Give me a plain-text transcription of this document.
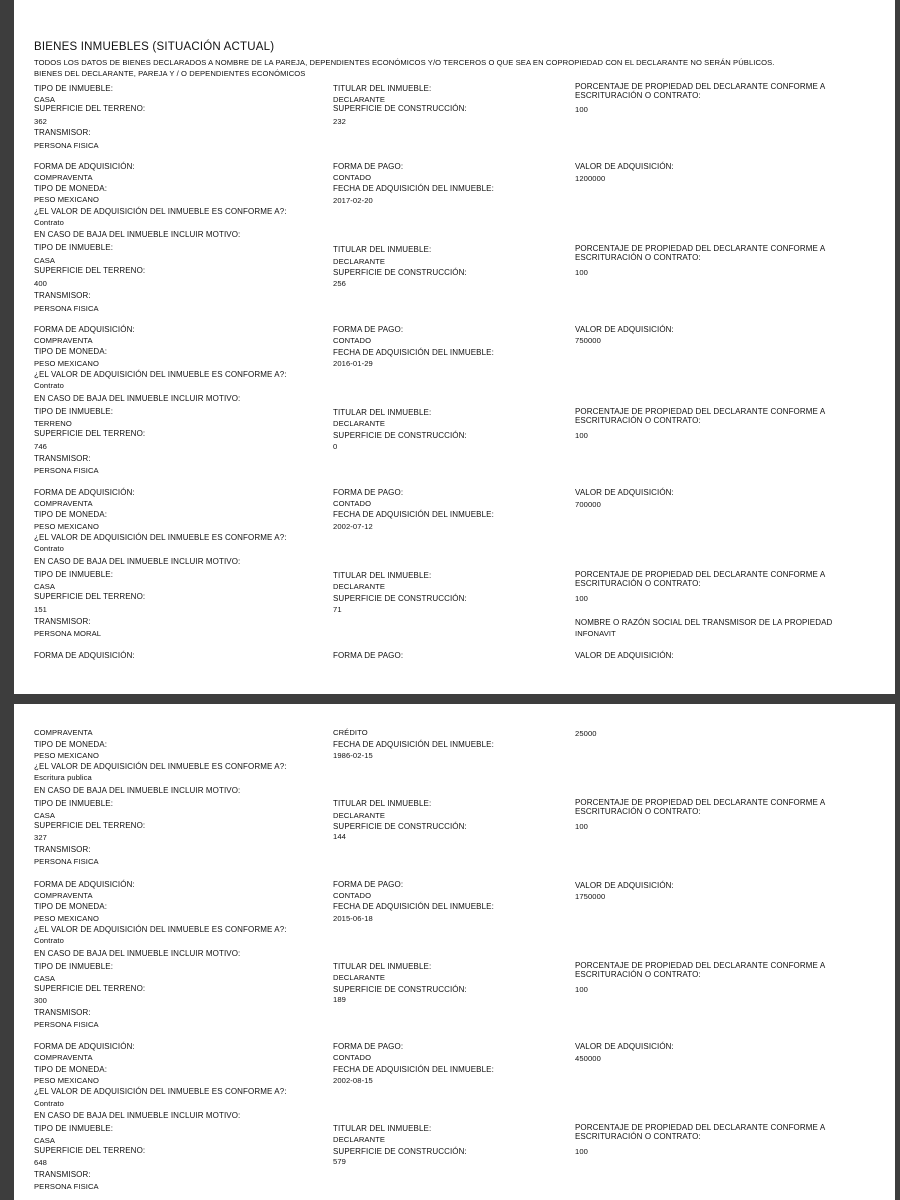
BIENES INMUEBLES (SITUACIÓN ACTUAL)
TODOS LOS DATOS DE BIENES DECLARADOS A NOMBRE DE LA PAREJA, DEPENDIENTES ECONÓMICOS Y/O TERCEROS O QUE SEA EN COPROPIEDAD CON EL DECLARANTE NO SERÁN PÚBLICOS.
BIENES DEL DECLARANTE, PAREJA Y / O DEPENDIENTES ECONÓMICOS
TIPO DE INMUEBLE:
CASA
SUPERFICIE DEL TERRENO:
362
TRANSMISOR:
PERSONA FISICA
TITULAR DEL INMUEBLE:
DECLARANTE
SUPERFICIE DE CONSTRUCCIÓN:
232
PORCENTAJE DE PROPIEDAD DEL DECLARANTE CONFORME A ESCRITURACIÓN O CONTRATO:
100
FORMA DE ADQUISICIÓN:
COMPRAVENTA
TIPO DE MONEDA:
PESO MEXICANO
¿EL VALOR DE ADQUISICIÓN DEL INMUEBLE ES CONFORME A?:
Contrato
EN CASO DE BAJA DEL INMUEBLE INCLUIR MOTIVO:
FORMA DE PAGO:
CONTADO
FECHA DE ADQUISICIÓN DEL INMUEBLE:
2017-02-20
VALOR DE ADQUISICIÓN:
1200000
TIPO DE INMUEBLE:
CASA
SUPERFICIE DEL TERRENO:
400
TRANSMISOR:
PERSONA FISICA
TITULAR DEL INMUEBLE:
DECLARANTE
SUPERFICIE DE CONSTRUCCIÓN:
256
PORCENTAJE DE PROPIEDAD DEL DECLARANTE CONFORME A ESCRITURACIÓN O CONTRATO:
100
FORMA DE ADQUISICIÓN:
COMPRAVENTA
TIPO DE MONEDA:
PESO MEXICANO
¿EL VALOR DE ADQUISICIÓN DEL INMUEBLE ES CONFORME A?:
Contrato
EN CASO DE BAJA DEL INMUEBLE INCLUIR MOTIVO:
FORMA DE PAGO:
CONTADO
FECHA DE ADQUISICIÓN DEL INMUEBLE:
2016-01-29
VALOR DE ADQUISICIÓN:
750000
TIPO DE INMUEBLE:
TERRENO
SUPERFICIE DEL TERRENO:
746
TRANSMISOR:
PERSONA FISICA
TITULAR DEL INMUEBLE:
DECLARANTE
SUPERFICIE DE CONSTRUCCIÓN:
0
PORCENTAJE DE PROPIEDAD DEL DECLARANTE CONFORME A ESCRITURACIÓN O CONTRATO:
100
FORMA DE ADQUISICIÓN:
COMPRAVENTA
TIPO DE MONEDA:
PESO MEXICANO
¿EL VALOR DE ADQUISICIÓN DEL INMUEBLE ES CONFORME A?:
Contrato
EN CASO DE BAJA DEL INMUEBLE INCLUIR MOTIVO:
FORMA DE PAGO:
CONTADO
FECHA DE ADQUISICIÓN DEL INMUEBLE:
2002-07-12
VALOR DE ADQUISICIÓN:
700000
TIPO DE INMUEBLE:
CASA
SUPERFICIE DEL TERRENO:
151
TRANSMISOR:
PERSONA MORAL
TITULAR DEL INMUEBLE:
DECLARANTE
SUPERFICIE DE CONSTRUCCIÓN:
71
PORCENTAJE DE PROPIEDAD DEL DECLARANTE CONFORME A ESCRITURACIÓN O CONTRATO:
100
NOMBRE O RAZÓN SOCIAL DEL TRANSMISOR DE LA PROPIEDAD
INFONAVIT
FORMA DE ADQUISICIÓN:	FORMA DE PAGO:	VALOR DE ADQUISICIÓN:
COMPRAVENTA
TIPO DE MONEDA:
PESO MEXICANO
¿EL VALOR DE ADQUISICIÓN DEL INMUEBLE ES CONFORME A?:
Escritura publica
EN CASO DE BAJA DEL INMUEBLE INCLUIR MOTIVO:
CRÉDITO
FECHA DE ADQUISICIÓN DEL INMUEBLE:
1986-02-15
25000
TIPO DE INMUEBLE:
CASA
SUPERFICIE DEL TERRENO:
327
TRANSMISOR:
PERSONA FISICA
TITULAR DEL INMUEBLE:
DECLARANTE
SUPERFICIE DE CONSTRUCCIÓN:
144
PORCENTAJE DE PROPIEDAD DEL DECLARANTE CONFORME A ESCRITURACIÓN O CONTRATO:
100
FORMA DE ADQUISICIÓN:
COMPRAVENTA
TIPO DE MONEDA:
PESO MEXICANO
¿EL VALOR DE ADQUISICIÓN DEL INMUEBLE ES CONFORME A?:
Contrato
EN CASO DE BAJA DEL INMUEBLE INCLUIR MOTIVO:
FORMA DE PAGO:
CONTADO
FECHA DE ADQUISICIÓN DEL INMUEBLE:
2015-06-18
VALOR DE ADQUISICIÓN:
1750000
TIPO DE INMUEBLE:
CASA
SUPERFICIE DEL TERRENO:
300
TRANSMISOR:
PERSONA FISICA
TITULAR DEL INMUEBLE:
DECLARANTE
SUPERFICIE DE CONSTRUCCIÓN:
189
PORCENTAJE DE PROPIEDAD DEL DECLARANTE CONFORME A ESCRITURACIÓN O CONTRATO:
100
FORMA DE ADQUISICIÓN:
COMPRAVENTA
TIPO DE MONEDA:
PESO MEXICANO
¿EL VALOR DE ADQUISICIÓN DEL INMUEBLE ES CONFORME A?:
Contrato
EN CASO DE BAJA DEL INMUEBLE INCLUIR MOTIVO:
FORMA DE PAGO:
CONTADO
FECHA DE ADQUISICIÓN DEL INMUEBLE:
2002-08-15
VALOR DE ADQUISICIÓN:
450000
TIPO DE INMUEBLE:
CASA
SUPERFICIE DEL TERRENO:
648
TRANSMISOR:
PERSONA FISICA
TITULAR DEL INMUEBLE:
DECLARANTE
SUPERFICIE DE CONSTRUCCIÓN:
579
PORCENTAJE DE PROPIEDAD DEL DECLARANTE CONFORME A ESCRITURACIÓN O CONTRATO:
100
